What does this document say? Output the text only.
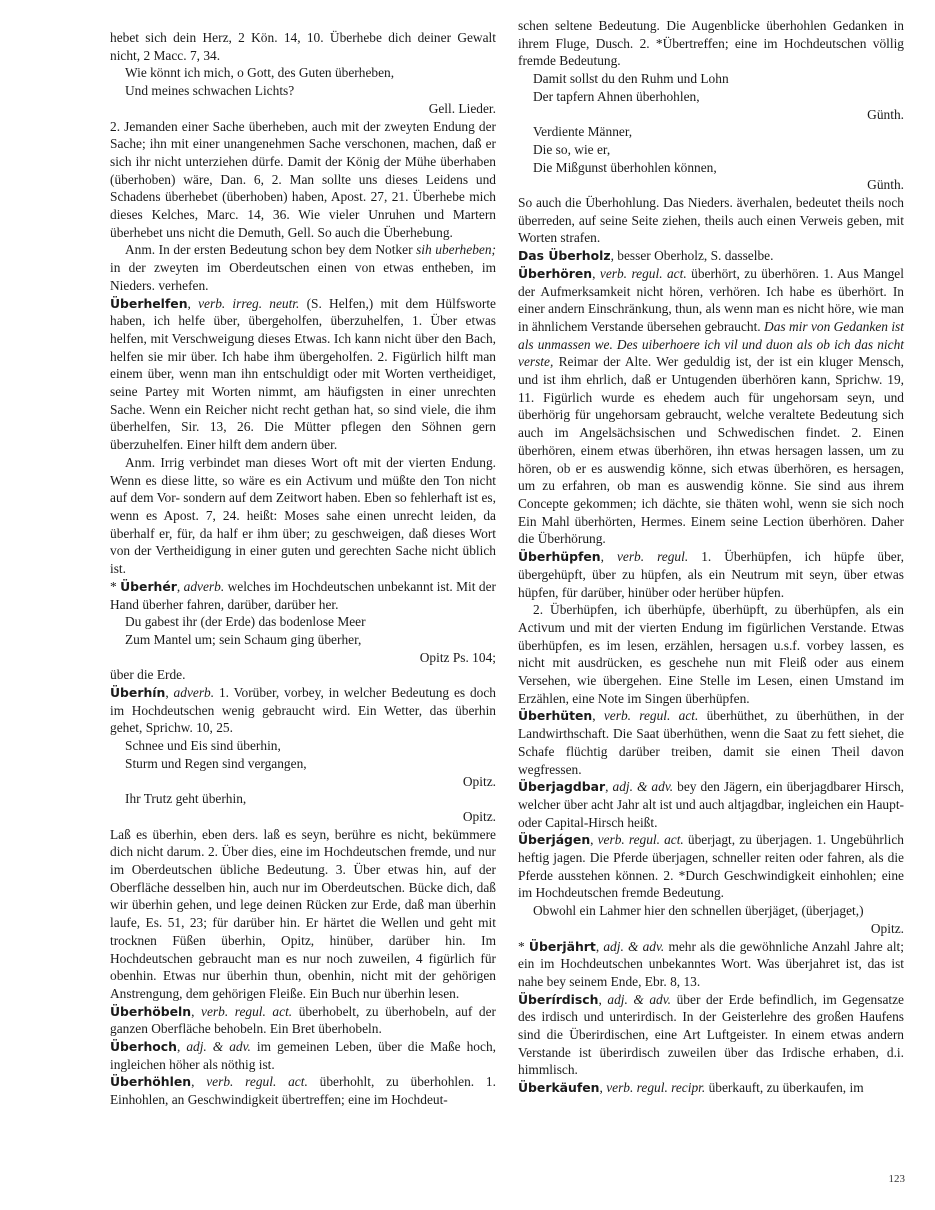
hebet sich dein Herz, 2 Kön. 14, 10. Überhebe dich deiner Gewalt nicht, 2 Macc. 7, 34.

Wie könnt ich mich, o Gott, des Guten überheben,
Und meines schwachen Lichts?

Gell. Lieder.

2. Jemanden einer Sache überheben, auch mit der zweyten Endung der Sache; ihn mit einer unangenehmen Sache verschonen, machen, daß er sich ihr nicht unterziehen dürfe. Damit der König der Mühe überhaben (überhoben) wäre, Dan. 6, 2. Man sollte uns dieses Leidens und Schadens überhebet (überhoben) haben, Apost. 27, 21. Überhebe mich dieses Kelches, Marc. 14, 36. Wie vieler Unruhen und Martern überhebet uns nicht die Demuth, Gell. So auch die Überhebung.

Anm. In der ersten Bedeutung schon bey dem Notker sih uberheben; in der zweyten im Oberdeutschen einen von etwas entheben, im Nieders. verhefen.

Überhelfen, verb. irreg. neutr. (S. Helfen,) mit dem Hülfsworte haben, ich helfe über, übergeholfen, überzuhelfen, 1. Über etwas helfen, mit Verschweigung dieses Etwas. Ich kann nicht über den Bach, helfen sie mir über. Ich habe ihm übergeholfen. 2. Figürlich hilft man einem über, wenn man ihn entschuldigt oder mit Worten vertheidiget, seine Partey mit Worten nimmt, am häufigsten in einer unrechten Sache. Wenn ein Reicher nicht recht gethan hat, so sind viele, die ihm überhelfen, Sir. 13, 26. Die Mütter pflegen den Söhnen gern überzuhelfen. Einer hilft dem andern über.

Anm. Irrig verbindet man dieses Wort oft mit der vierten Endung. Wenn es diese litte, so wäre es ein Activum und müßte den Ton nicht auf dem Vor- sondern auf dem Zeitwort haben. Eben so fehlerhaft ist es, wenn es Apost. 7, 24. heißt: Moses sahe einen unrecht leiden, da überhalf er, für, da half er ihm über; zu geschweigen, daß dieses Wort von der Vertheidigung in einer guten und gerechten Sache nicht üblich ist.

* Überhér, adverb. welches im Hochdeutschen unbekannt ist. Mit der Hand überher fahren, darüber, darüber her.

Du gabest ihr (der Erde) das bodenlose Meer
Zum Mantel um; sein Schaum ging überher,

Opitz Ps. 104;

über die Erde.

Überhín, adverb. 1. Vorüber, vorbey, in welcher Bedeutung es doch im Hochdeutschen wenig gebraucht wird. Ein Wetter, das überhin gehet, Sprichw. 10, 25.

Schnee und Eis sind überhin,
Sturm und Regen sind vergangen,

Opitz.

Ihr Trutz geht überhin,

Opitz.

Laß es überhin, eben ders. laß es seyn, berühre es nicht, bekümmere dich nicht darum. 2. Über dies, eine im Hochdeutschen fremde, und nur im Oberdeutschen übliche Bedeutung. 3. Über etwas hin, auf der Oberfläche desselben hin, auch nur im Oberdeutschen. Bücke dich, daß wir überhin gehen, und lege deinen Rücken zur Erde, daß man überhin laufe, Es. 51, 23; für darüber hin. Er härtet die Wellen und geht mit trocknen Füßen überhin, Opitz, hinüber, darüber hin. Im Hochdeutschen gebraucht man es nur noch zuweilen, 4 figürlich für obenhin. Etwas nur überhin thun, obenhin, nicht mit der gehörigen Anstrengung, dem gehörigen Fleiße. Ein Buch nur überhin lesen.

Überhöbeln, verb. regul. act. überhobelt, zu überhobeln, auf der ganzen Oberfläche behobeln. Ein Bret überhobeln.

Überhoch, adj. & adv. im gemeinen Leben, über die Maße hoch, ingleichen höher als nöthig ist.

Überhöhlen, verb. regul. act. überhohlt, zu überhohlen. 1. Einhohlen, an Geschwindigkeit übertreffen; eine im Hochdeut-

schen seltene Bedeutung. Die Augenblicke überhohlen Gedanken in ihrem Fluge, Dusch. 2. *Übertreffen; eine im Hochdeutschen völlig fremde Bedeutung.

Damit sollst du den Ruhm und Lohn
Der tapfern Ahnen überhohlen,

Günth.

Verdiente Männer,
Die so, wie er,
Die Mißgunst überhohlen können,

Günth.

So auch die Überhohlung. Das Nieders. äverhalen, bedeutet theils noch überreden, auf seine Seite ziehen, theils auch einen Verweis geben, mit Worten strafen.

Das Überholz, besser Oberholz, S. dasselbe.

Überhören, verb. regul. act. überhört, zu überhören. 1. Aus Mangel der Aufmerksamkeit nicht hören, verhören. Ich habe es überhört. In einer andern Einschränkung, thun, als wenn man es nicht höre, wie man in ähnlichem Verstande übersehen gebraucht. Das mir von Gedanken ist als unmassen we. Des uiberhoere ich vil und duon als ob ich das nicht verste, Reimar der Alte. Wer geduldig ist, der ist ein kluger Mensch, und ist ihm ehrlich, daß er Untugenden überhören kann, Sprichw. 19, 11. Figürlich wurde es ehedem auch für ungehorsam seyn, und überhörig für ungehorsam gebraucht, welche veraltete Bedeutung sich auch im Angelsächsischen und Schwedischen findet. 2. Einen überhören, einem etwas überhören, ihn etwas hersagen lassen, um zu hören, ob er es auswendig könne, sich etwas überhören, es hersagen, um zu erfahren, ob man es auswendig könne. Sie sind aus ihrem Concepte gekommen; ich dächte, sie thäten wohl, wenn sie sich noch Ein Mahl überhörten, Hermes. Einem seine Lection überhören. Daher die Überhörung.

Überhüpfen, verb. regul. 1. Überhüpfen, ich hüpfe über, übergehüpft, über zu hüpfen, als ein Neutrum mit seyn, über etwas hüpfen, für darüber, hinüber oder herüber hüpfen.

2. Überhüpfen, ich überhüpfe, überhüpft, zu überhüpfen, als ein Activum und mit der vierten Endung im figürlichen Verstande. Etwas überhüpfen, es im lesen, erzählen, hersagen u.s.f. vorbey lassen, es nicht mit ausdrücken, es geschehe nun mit Fleiß oder aus einem Versehen, wie übergehen. Eine Stelle im Lesen, einen Umstand im Erzählen, eine Note im Singen überhüpfen.

Überhüten, verb. regul. act. überhüthet, zu überhüthen, in der Landwirthschaft. Die Saat überhüthen, wenn die Saat zu fett siehet, die Schafe flüchtig darüber treiben, damit sie einen Theil davon wegfressen.

Überjagdbar, adj. & adv. bey den Jägern, ein überjagdbarer Hirsch, welcher über acht Jahr alt ist und auch altjagdbar, ingleichen ein Haupt- oder Capital-Hirsch heißt.

Überjágen, verb. regul. act. überjagt, zu überjagen. 1. Ungebührlich heftig jagen. Die Pferde überjagen, schneller reiten oder fahren, als die Pferde ausstehen können. 2. *Durch Geschwindigkeit einhohlen; eine im Hochdeutschen fremde Bedeutung.

Obwohl ein Lahmer hier den schnellen überjäget, (überjaget,)

Opitz.

* Überjährt, adj. & adv. mehr als die gewöhnliche Anzahl Jahre alt; ein im Hochdeutschen unbekanntes Wort. Was überjahret ist, das ist nahe bey seinem Ende, Ebr. 8, 13.

Überírdisch, adj. & adv. über der Erde befindlich, im Gegensatze des irdisch und unterirdisch. In der Geisterlehre des großen Haufens sind die Überirdischen, eine Art Luftgeister. In einem etwas andern Verstande ist überirdisch zuweilen über das Irdische erhaben, d.i. himmlisch.

Überkäufen, verb. regul. recipr. überkauft, zu überkaufen, im

123
